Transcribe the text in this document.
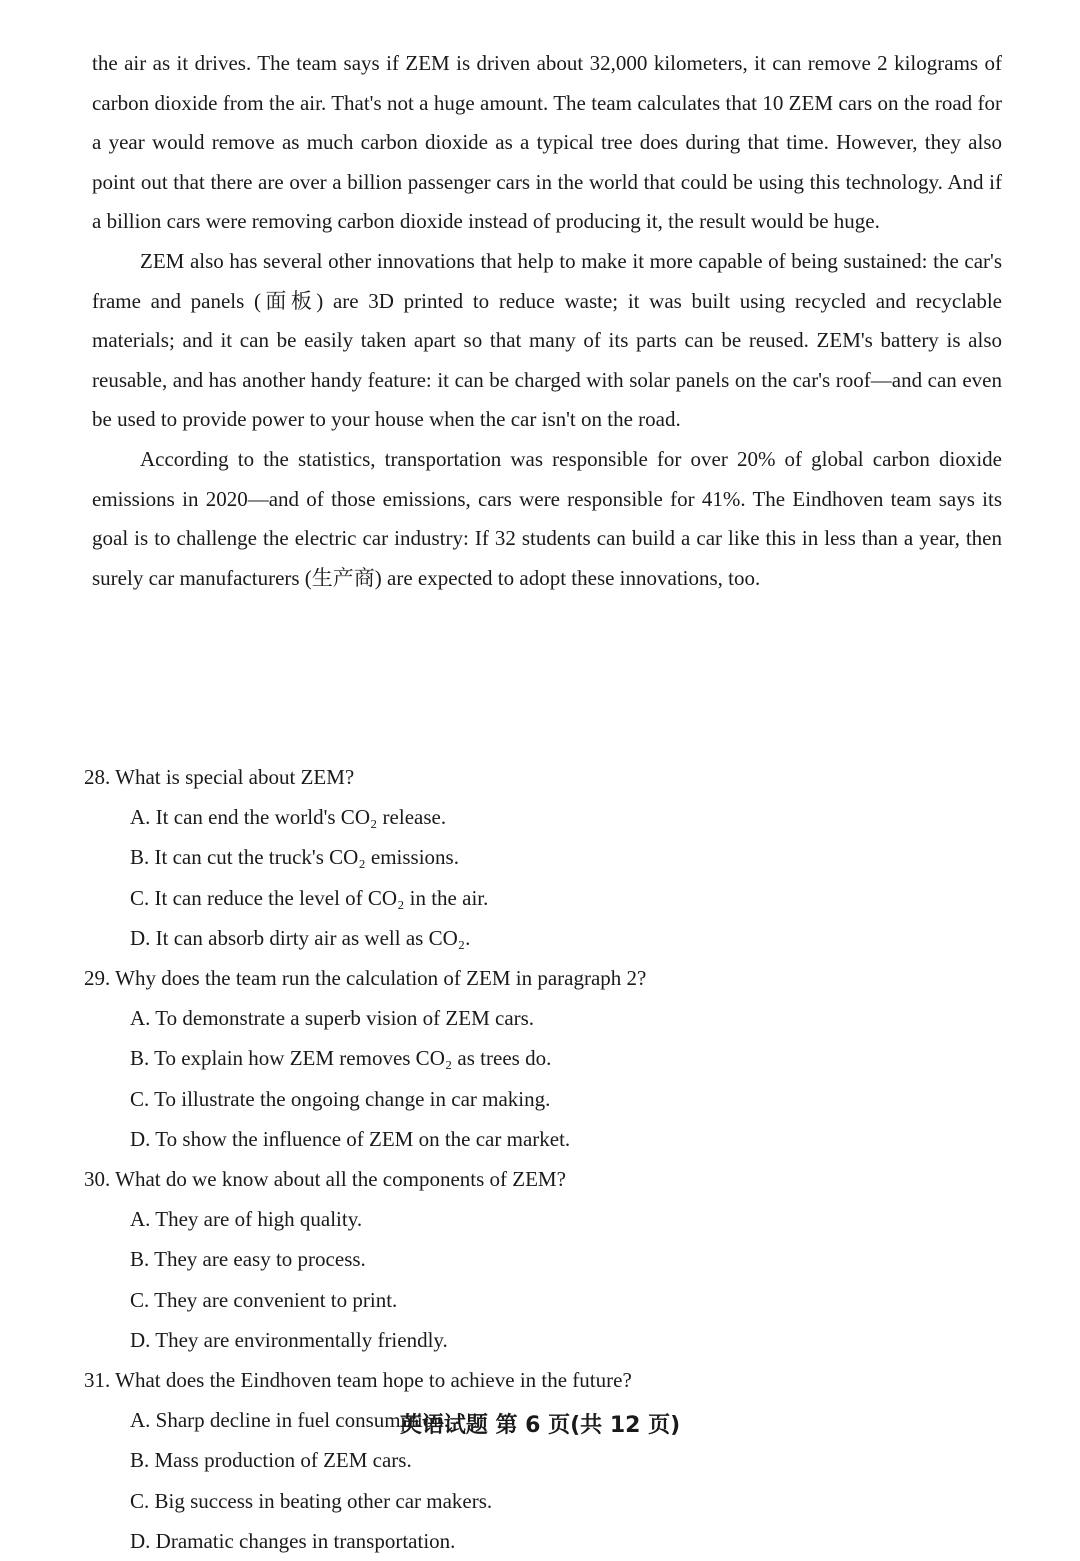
the air as it drives. The team says if ZEM is driven about 32,000 kilometers, it can remove 2 kilograms of carbon dioxide from the air. That's not a huge amount. The team calculates that 10 ZEM cars on the road for a year would remove as much carbon dioxide as a typical tree does during that time. However, they also point out that there are over a billion passenger cars in the world that could be using this technology. And if a billion cars were removing carbon dioxide instead of producing it, the result would be huge.

ZEM also has several other innovations that help to make it more capable of being sustained: the car's frame and panels (面板) are 3D printed to reduce waste; it was built using recycled and recyclable materials; and it can be easily taken apart so that many of its parts can be reused. ZEM's battery is also reusable, and has another handy feature: it can be charged with solar panels on the car's roof—and can even be used to provide power to your house when the car isn't on the road.

According to the statistics, transportation was responsible for over 20% of global carbon dioxide emissions in 2020—and of those emissions, cars were responsible for 41%. The Eindhoven team says its goal is to challenge the electric car industry: If 32 students can build a car like this in less than a year, then surely car manufacturers (生产商) are expected to adopt these innovations, too.

28. What is special about ZEM?
A. It can end the world's CO₂ release.
B. It can cut the truck's CO₂ emissions.
C. It can reduce the level of CO₂ in the air.
D. It can absorb dirty air as well as CO₂.
29. Why does the team run the calculation of ZEM in paragraph 2?
A. To demonstrate a superb vision of ZEM cars.
B. To explain how ZEM removes CO₂ as trees do.
C. To illustrate the ongoing change in car making.
D. To show the influence of ZEM on the car market.
30. What do we know about all the components of ZEM?
A. They are of high quality.
B. They are easy to process.
C. They are convenient to print.
D. They are environmentally friendly.
31. What does the Eindhoven team hope to achieve in the future?
A. Sharp decline in fuel consumption.
B. Mass production of ZEM cars.
C. Big success in beating other car makers.
D. Dramatic changes in transportation.
英语试题 第 6 页(共 12 页)
